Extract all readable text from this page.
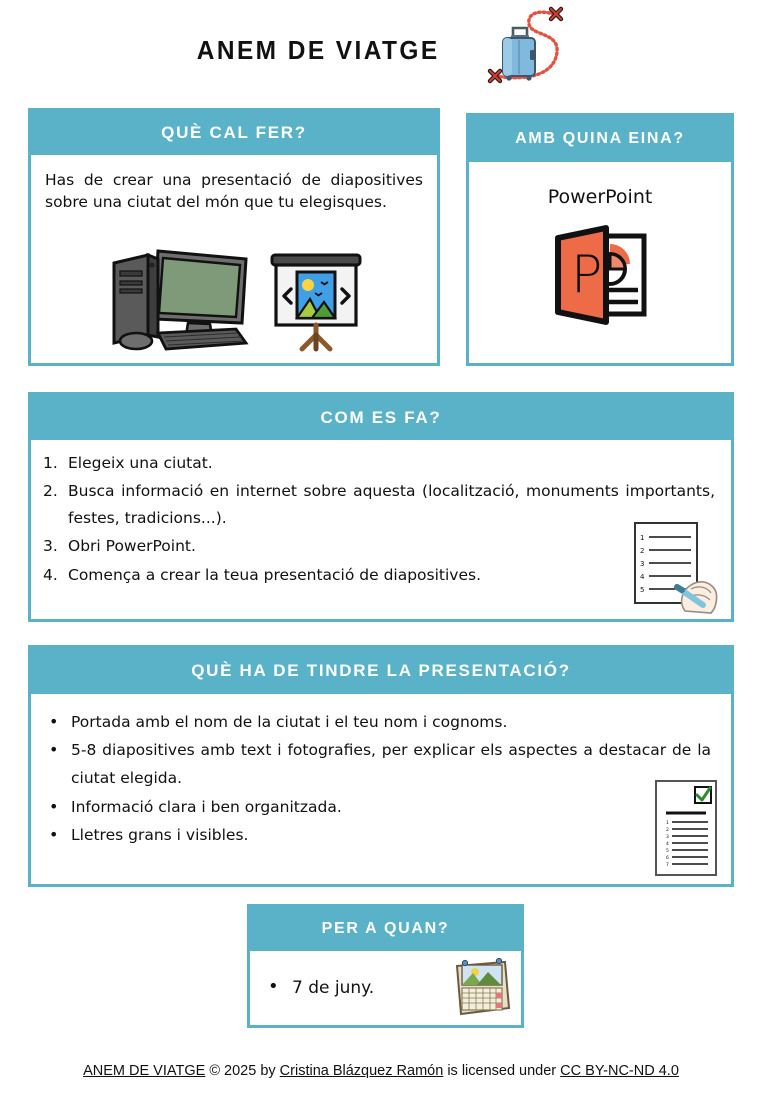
ANEM DE VIATGE
QUÈ CAL FER?
Has de crear una presentació de diapositives sobre una ciutat del món que tu elegisques.
AMB QUINA EINA?
PowerPoint
P
COM ES FA?
Elegeix una ciutat.
Busca informació en internet sobre aquesta (localització, monuments importants, festes, tradicions...).
Obri PowerPoint.
Comença a crear la teua presentació de diapositives.
1
2
3
4
5
QUÈ HA DE TINDRE LA PRESENTACIÓ?
• Portada amb el nom de la ciutat i el teu nom i cognoms.
• 5-8 diapositives amb text i fotografies, per explicar els aspectes a destacar de la ciutat elegida.
• Informació clara i ben organitzada.
• Lletres grans i visibles.
1
2
3
4
5
6
7
PER A QUAN?
• 7 de juny.
ANEM DE VIATGE © 2025 by Cristina Blázquez Ramón is licensed under CC BY-NC-ND 4.0
